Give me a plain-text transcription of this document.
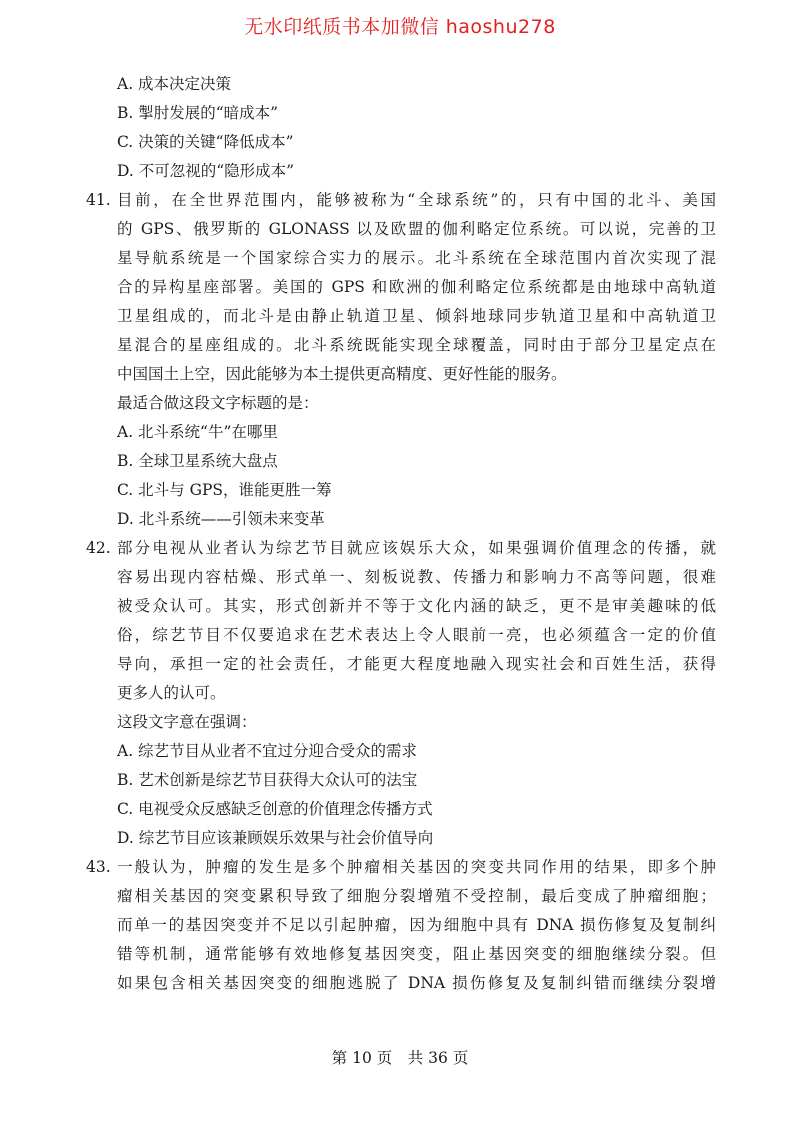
无水印纸质书本加微信 haoshu278
A. 成本决定决策
B. 掣肘发展的“暗成本”
C. 决策的关键“降低成本”
D. 不可忽视的“隐形成本”
41. 目前，在全世界范围内，能够被称为“全球系统”的，只有中国的北斗、美国
的 GPS、俄罗斯的 GLONASS 以及欧盟的伽利略定位系统。可以说，完善的卫
星导航系统是一个国家综合实力的展示。北斗系统在全球范围内首次实现了混
合的异构星座部署。美国的 GPS 和欧洲的伽利略定位系统都是由地球中高轨道
卫星组成的，而北斗是由静止轨道卫星、倾斜地球同步轨道卫星和中高轨道卫
星混合的星座组成的。北斗系统既能实现全球覆盖，同时由于部分卫星定点在
中国国土上空，因此能够为本土提供更高精度、更好性能的服务。
最适合做这段文字标题的是：
A. 北斗系统“牛”在哪里
B. 全球卫星系统大盘点
C. 北斗与 GPS，谁能更胜一筹
D. 北斗系统——引领未来变革
42. 部分电视从业者认为综艺节目就应该娱乐大众，如果强调价值理念的传播，就
容易出现内容枯燥、形式单一、刻板说教、传播力和影响力不高等问题，很难
被受众认可。其实，形式创新并不等于文化内涵的缺乏，更不是审美趣味的低
俗，综艺节目不仅要追求在艺术表达上令人眼前一亮，也必须蕴含一定的价值
导向，承担一定的社会责任，才能更大程度地融入现实社会和百姓生活，获得
更多人的认可。
这段文字意在强调：
A. 综艺节目从业者不宜过分迎合受众的需求
B. 艺术创新是综艺节目获得大众认可的法宝
C. 电视受众反感缺乏创意的价值理念传播方式
D. 综艺节目应该兼顾娱乐效果与社会价值导向
43. 一般认为，肿瘤的发生是多个肿瘤相关基因的突变共同作用的结果，即多个肿
瘤相关基因的突变累积导致了细胞分裂增殖不受控制，最后变成了肿瘤细胞；
而单一的基因突变并不足以引起肿瘤，因为细胞中具有 DNA 损伤修复及复制纠
错等机制，通常能够有效地修复基因突变，阻止基因突变的细胞继续分裂。但
如果包含相关基因突变的细胞逃脱了 DNA 损伤修复及复制纠错而继续分裂增
第 10 页　共 36 页
